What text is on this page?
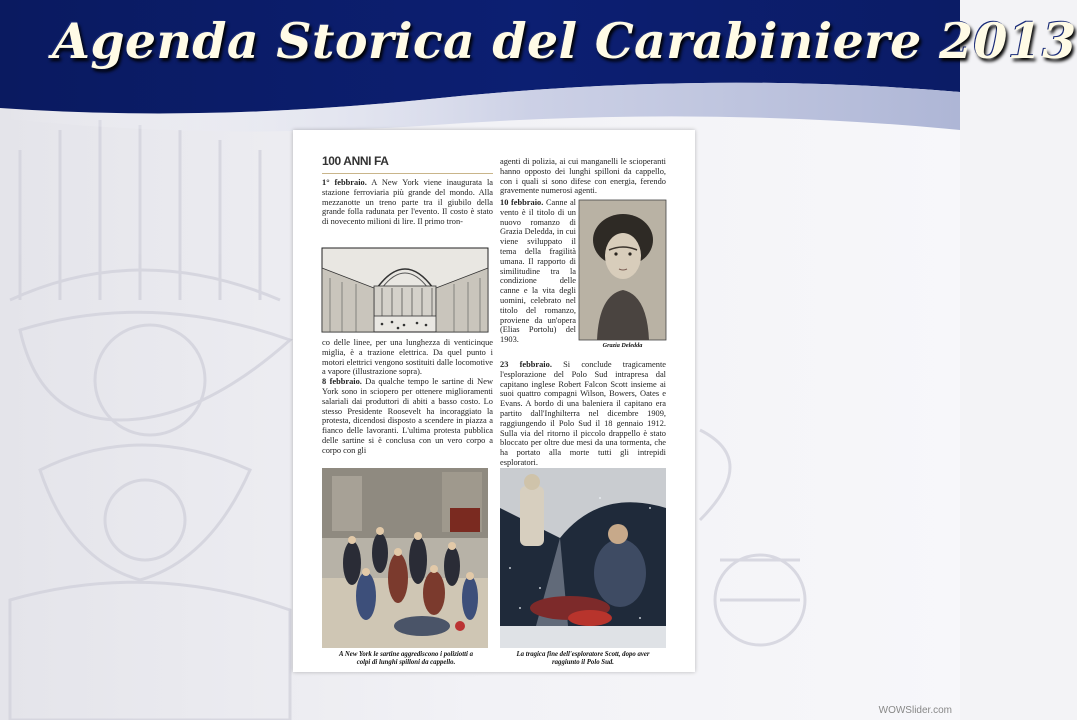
Agenda Storica del Carabiniere 2013
100 ANNI FA

1° febbraio. A New York viene inaugurata la stazione ferroviaria più grande del mondo. Alla mezzanotte un treno parte tra il giubilo della grande folla radunata per l'evento. Il costo è stato di novecento milioni di lire. Il primo tron-

co delle linee, per una lunghezza di venticinque miglia, è a trazione elettrica. Da quel punto i motori elettrici vengono sostituiti dalle locomotive a vapore (illustrazione sopra).
8 febbraio. Da qualche tempo le sartine di New York sono in sciopero per ottenere miglioramenti salariali dai produttori di abiti a basso costo. Lo stesso Presidente Roosevelt ha incoraggiato la protesta, dicendosi disposto a scendere in piazza a fianco delle lavoranti. L'ultima protesta pubblica delle sartine si è conclusa con un vero corpo a corpo con gli

agenti di polizia, ai cui manganelli le scioperanti hanno opposto dei lunghi spilloni da cappello, con i quali si sono difese con energia, ferendo gravemente numerosi agenti.

10 febbraio. Canne al vento è il titolo di un nuovo romanzo di Grazia Deledda, in cui viene sviluppato il tema della fragilità umana. Il rapporto di similitudine tra la condizione delle canne e la vita degli uomini, celebrato nel titolo del romanzo, proviene da un'opera (Elias Portolu) del 1903.

Grazia Deledda

23 febbraio. Si conclude tragicamente l'esplorazione del Polo Sud intrapresa dal capitano inglese Robert Falcon Scott insieme ai suoi quattro compagni Wilson, Bowers, Oates e Evans. A bordo di una baleniera il capitano era partito dall'Inghilterra nel dicembre 1909, raggiungendo il Polo Sud il 18 gennaio 1912. Sulla via del ritorno il piccolo drappello è stato bloccato per oltre due mesi da una tormenta, che ha portato alla morte tutti gli intrepidi esploratori.

A New York le sartine aggrediscono i poliziotti a colpi di lunghi spilloni da cappello.

La tragica fine dell'esploratore Scott, dopo aver raggiunto il Polo Sud.

WOWSlider.com
